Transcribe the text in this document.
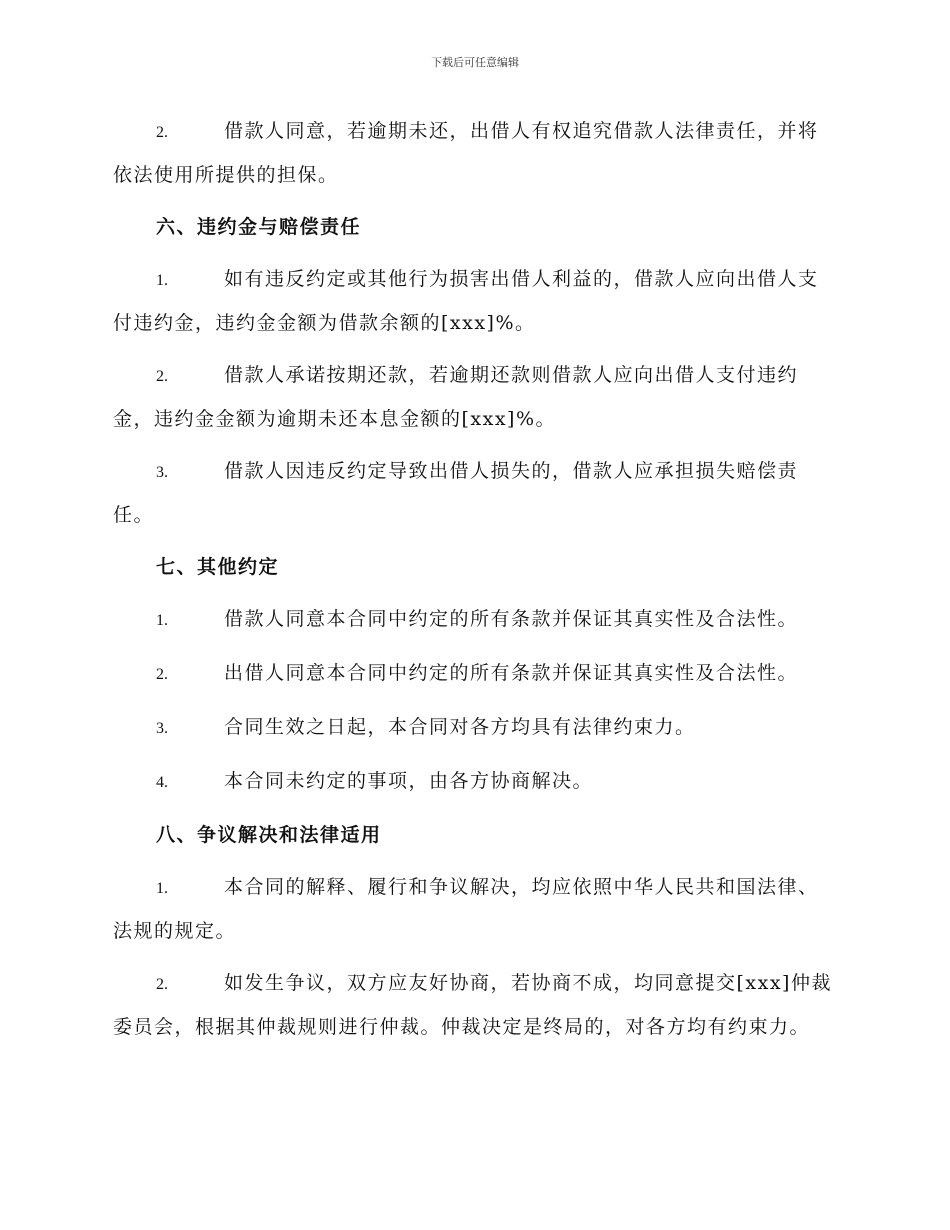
下载后可任意编辑

2.	借款人同意，若逾期未还，出借人有权追究借款人法律责任，并将依法使用所提供的担保。

六、违约金与赔偿责任

1.	如有违反约定或其他行为损害出借人利益的，借款人应向出借人支付违约金，违约金金额为借款余额的[xxx]%。

2.	借款人承诺按期还款，若逾期还款则借款人应向出借人支付违约金，违约金金额为逾期未还本息金额的[xxx]%。

3.	借款人因违反约定导致出借人损失的，借款人应承担损失赔偿责任。

七、其他约定

1.	借款人同意本合同中约定的所有条款并保证其真实性及合法性。

2.	出借人同意本合同中约定的所有条款并保证其真实性及合法性。

3.	合同生效之日起，本合同对各方均具有法律约束力。

4.	本合同未约定的事项，由各方协商解决。

八、争议解决和法律适用

1.	本合同的解释、履行和争议解决，均应依照中华人民共和国法律、法规的规定。

2.	如发生争议，双方应友好协商，若协商不成，均同意提交[xxx]仲裁委员会，根据其仲裁规则进行仲裁。仲裁决定是终局的，对各方均有约束力。
